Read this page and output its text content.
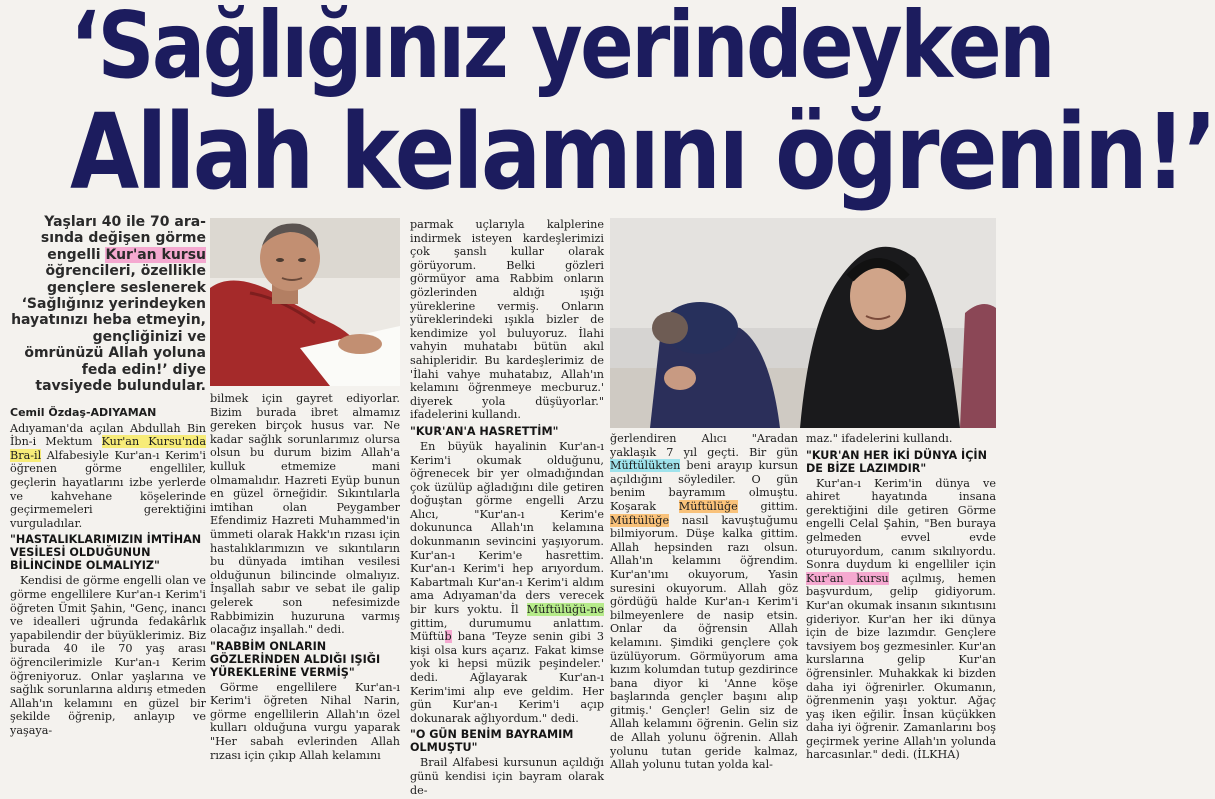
‘Sağlığınız yerindeyken
Allah kelamını öğrenin!’
Yaşları 40 ile 70 ara-sında değişen görme engelli Kur'an kursu öğrencileri, özellikle gençlere seslenerek ‘Sağlığınız yerindeyken hayatınızı heba etmeyin, gençliğinizi ve ömrünüzü Allah yoluna feda edin!’ diye tavsiyede bulundular.

Cemil Özdaş-ADIYAMAN

Adıyaman'da açılan Abdullah Bin İbn-i Mektum Kur'an Kursu'nda Bra-il Alfabesiyle Kur'an-ı Kerim'i öğrenen görme engelliler, geçlerin hayatlarını izbe yerlerde ve kahvehane köşelerinde geçirmemeleri gerektiğini vurguladılar.

"HASTALIKLARIMIZIN İMTİHAN VESİLESİ OLDUĞUNUN BİLİNCİNDE OLMALIYIZ"

Kendisi de görme engelli olan ve görme engellilere Kur'an-ı Kerim'i öğreten Ümit Şahin, "Genç, inancı ve idealleri uğrunda fedakârlık yapabilendir der büyüklerimiz. Biz burada 40 ile 70 yaş arası öğrencilerimizle Kur'an-ı Kerim öğreniyoruz. Onlar yaşlarına ve sağlık sorunlarına aldırış etmeden Allah'ın kelamını en güzel bir şekilde öğrenip, anlayıp ve yaşaya-

bilmek için gayret ediyorlar. Bizim burada ibret almamız gereken birçok husus var. Ne kadar sağlık sorunlarımız olursa olsun bu durum bizim Allah'a kulluk etmemize mani olmamalıdır. Hazreti Eyüp bunun en güzel örneğidir. Sıkıntılarla imtihan olan Peygamber Efendimiz Hazreti Muhammed'in ümmeti olarak Hakk'ın rızası için hastalıklarımızın ve sıkıntıların bu dünyada imtihan vesilesi olduğunun bilincinde olmalıyız. İnşallah sabır ve sebat ile galip gelerek son nefesimizde Rabbimizin huzuruna varmış olacağız inşallah." dedi.

"RABBİM ONLARIN GÖZLERİNDEN ALDIĞI IŞIĞI YÜREKLERİNE VERMİŞ"

Görme engellilere Kur'an-ı Kerim'i öğreten Nihal Narin, görme engellilerin Allah'ın özel kulları olduğuna vurgu yaparak "Her sabah evlerinden Allah rızası için çıkıp Allah kelamını

parmak uçlarıyla kalplerine indirmek isteyen kardeşlerimizi çok şanslı kullar olarak görüyorum. Belki gözleri görmüyor ama Rabbim onların gözlerinden aldığı ışığı yüreklerine vermiş. Onların yüreklerindeki ışıkla bizler de kendimize yol buluyoruz. İlahi vahyin muhatabı bütün akıl sahipleridir. Bu kardeşlerimiz de 'İlahi vahye muhatabız, Allah'ın kelamını öğrenmeye mecburuz.' diyerek yola düşüyorlar." ifadelerini kullandı.

"KUR'AN'A HASRETTİM"

En büyük hayalinin Kur'an-ı Kerim'i okumak olduğunu, öğrenecek bir yer olmadığından çok üzülüp ağladığını dile getiren doğuştan görme engelli Arzu Alıcı, "Kur'an-ı Kerim'e dokununca Allah'ın kelamına dokunmanın sevincini yaşıyorum. Kur'an-ı Kerim'e hasrettim. Kur'an-ı Kerim'i hep arıyordum. Kabartmalı Kur'an-ı Kerim'i aldım ama Adıyaman'da ders verecek bir kurs yoktu. İl Müftülüğü-ne gittim, durumumu anlattım. Müftüb bana 'Teyze senin gibi 3 kişi olsa kurs açarız. Fakat kimse yok ki hepsi müzik peşindeler.' dedi. Ağlayarak Kur'an-ı Kerim'imi alıp eve geldim. Her gün Kur'an-ı Kerim'i açıp dokunarak ağlıyordum." dedi.

"O GÜN BENİM BAYRAMIM OLMUŞTU"

Brail Alfabesi kursunun açıldığı günü kendisi için bayram olarak de-

ğerlendiren Alıcı "Aradan yaklaşık 7 yıl geçti. Bir gün Müftülükten beni arayıp kursun açıldığını söylediler. O gün benim bayramım olmuştu. Koşarak Müftülüğe gittim. Müftülüğe nasıl kavuştuğumu bilmiyorum. Düşe kalka gittim. Allah hepsinden razı olsun. Allah'ın kelamını öğrendim. Kur'an'ımı okuyorum, Yasin suresini okuyorum. Allah göz gördüğü halde Kur'an-ı Kerim'i bilmeyenlere de nasip etsin. Onlar da öğrensin Allah kelamını. Şimdiki gençlere çok üzülüyorum. Görmüyorum ama kızım kolumdan tutup gezdirince bana diyor ki 'Anne köşe başlarında gençler başını alıp gitmiş.' Gençler! Gelin siz de Allah kelamını öğrenin. Gelin siz de Allah yolunu öğrenin. Allah yolunu tutan geride kalmaz, Allah yolunu tutan yolda kal-

maz." ifadelerini kullandı.

"KUR'AN HER İKİ DÜNYA İÇİN DE BİZE LAZIMDIR"

Kur'an-ı Kerim'in dünya ve ahiret hayatında insana gerektiğini dile getiren Görme engelli Celal Şahin, "Ben buraya gelmeden evvel evde oturuyordum, canım sıkılıyordu. Sonra duydum ki engelliler için Kur'an kursu açılmış, hemen başvurdum, gelip gidiyorum. Kur'an okumak insanın sıkıntısını gideriyor. Kur'an her iki dünya için de bize lazımdır. Gençlere tavsiyem boş gezmesinler. Kur'an kurslarına gelip Kur'an öğrensinler. Muhakkak ki bizden daha iyi öğrenirler. Okumanın, öğrenmenin yaşı yoktur. Ağaç yaş iken eğilir. İnsan küçükken daha iyi öğrenir. Zamanlarını boş geçirmek yerine Allah'ın yolunda harcasınlar." dedi. (İLKHA)
